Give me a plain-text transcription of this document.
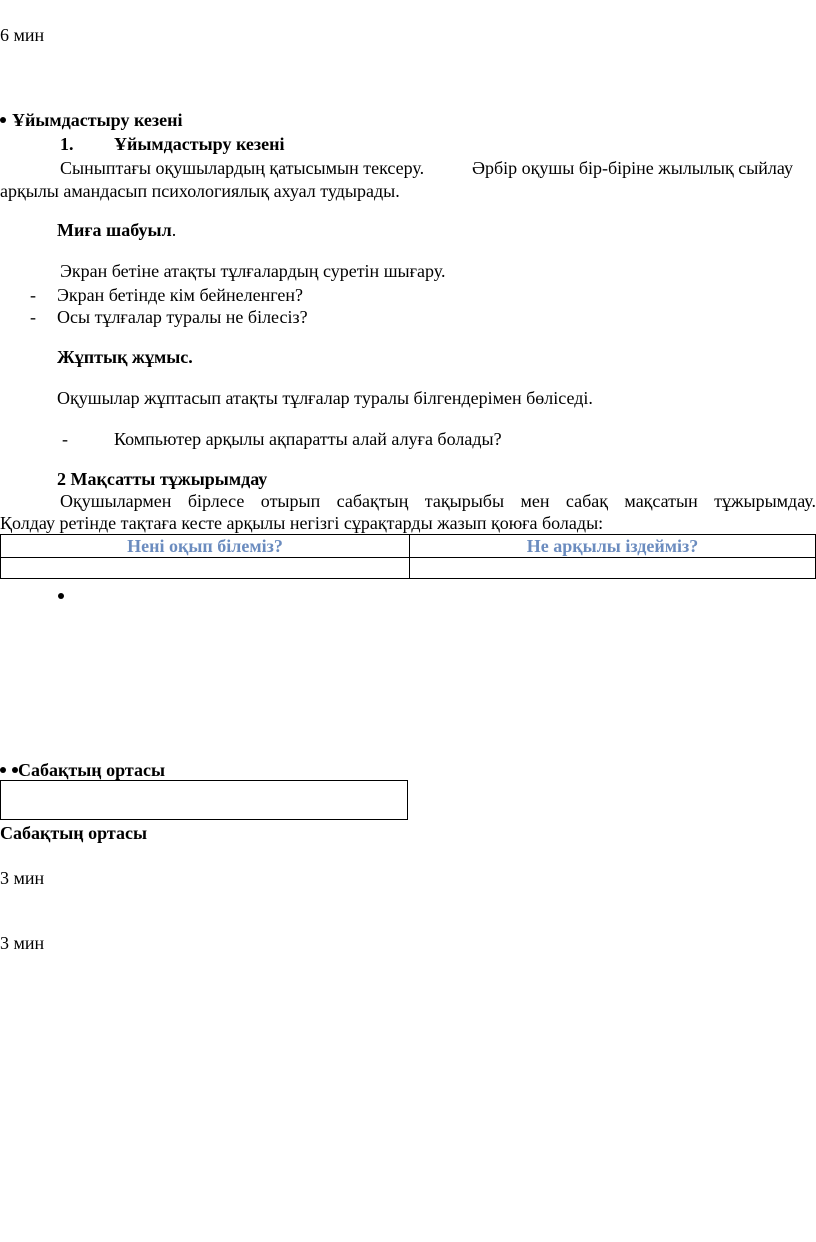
6 мин
Ұйымдастыру кезені
1. Ұйымдастыру кезені
Сыныптағы оқушылардың қатысымын тексеру.	Әрбір оқушы бір-біріне жылылық сыйлау
арқылы амандасып психологиялық ахуал тудырады.
Миға шабуыл.
Экран бетіне атақты тұлғалардың суретін шығару.
- Экран бетінде кім бейнеленген?
- Осы тұлғалар туралы не білесіз?
Жұптық жұмыс.
Оқушылар жұптасып атақты тұлғалар туралы білгендерімен бөліседі.
-	Компьютер арқылы ақпаратты алай алуға болады?
2 Мақсатты тұжырымдау
Оқушылармен бірлесе отырып сабақтың тақырыбы мен сабақ мақсатын тұжырымдау.
Қолдау ретінде тақтаға кесте арқылы негізгі сұрақтарды жазып қоюға болады:
Нені оқып білеміз?	Не арқылы іздейміз?

Сабақтың ортасы
Сабақтың ортасы
3 мин
3 мин
